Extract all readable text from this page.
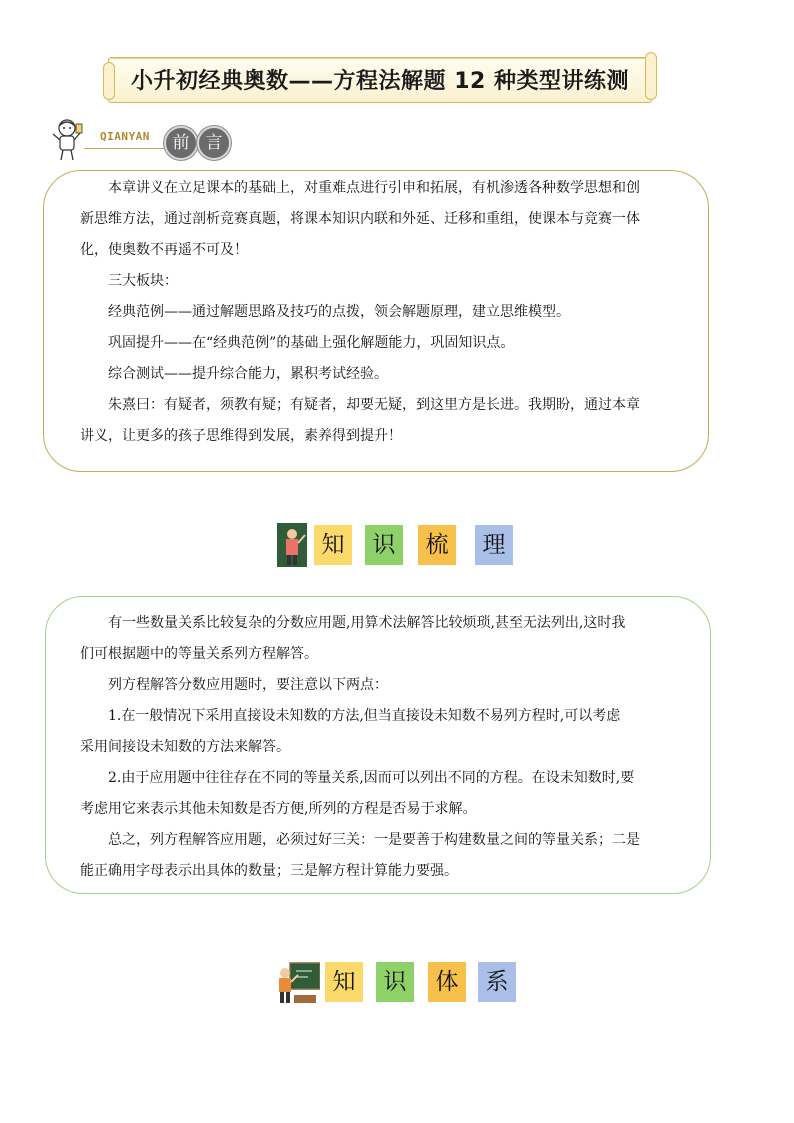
小升初经典奥数——方程法解题 12 种类型讲练测
QIANYAN	前 言
本章讲义在立足课本的基础上，对重难点进行引申和拓展，有机渗透各种数学思想和创
新思维方法，通过剖析竞赛真题，将课本知识内联和外延、迁移和重组，使课本与竞赛一体
化，使奥数不再遥不可及！
三大板块：
经典范例——通过解题思路及技巧的点拨，领会解题原理，建立思维模型。
巩固提升——在“经典范例”的基础上强化解题能力，巩固知识点。
综合测试——提升综合能力，累积考试经验。
朱熹曰：有疑者，须教有疑；有疑者，却要无疑，到这里方是长进。我期盼，通过本章
讲义，让更多的孩子思维得到发展，素养得到提升！
知	识	梳	理
有一些数量关系比较复杂的分数应用题,用算术法解答比较烦琐,甚至无法列出,这时我
们可根据题中的等量关系列方程解答。
列方程解答分数应用题时，要注意以下两点：
1.在一般情况下采用直接设未知数的方法,但当直接设未知数不易列方程时,可以考虑
采用间接设未知数的方法来解答。
2.由于应用题中往往存在不同的等量关系,因而可以列出不同的方程。在设未知数时,要
考虑用它来表示其他未知数是否方便,所列的方程是否易于求解。
总之，列方程解答应用题，必须过好三关：一是要善于构建数量之间的等量关系；二是
能正确用字母表示出具体的数量；三是解方程计算能力要强。
知	识	体	系
